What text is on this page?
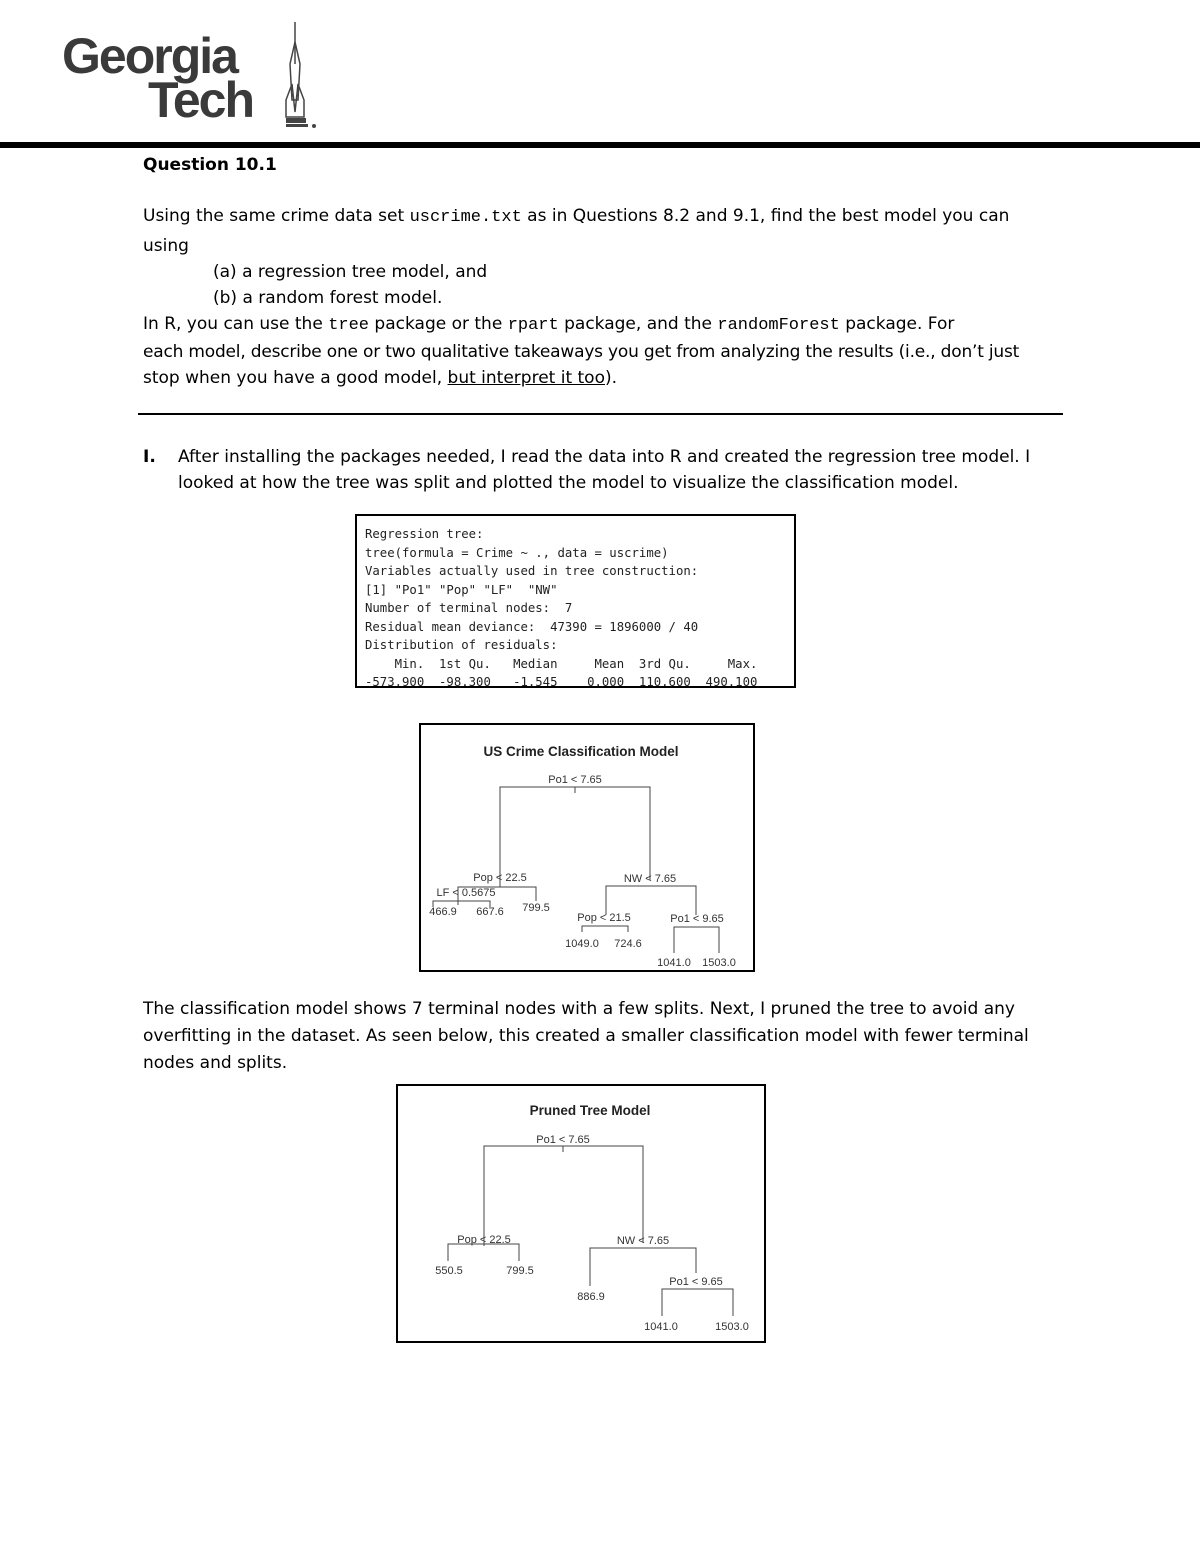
Georgia
Tech
Question 10.1
Using the same crime data set uscrime.txt as in Questions 8.2 and 9.1, find the best model you can
using
(a) a regression tree model, and
(b) a random forest model.
In R, you can use the tree package or the rpart package, and the randomForest package. For
each model, describe one or two qualitative takeaways you get from analyzing the results (i.e., don’t just
stop when you have a good model, but interpret it too).
I. After installing the packages needed, I read the data into R and created the regression tree model. I
looked at how the tree was split and plotted the model to visualize the classification model.
Regression tree:
tree(formula = Crime ~ ., data = uscrime)
Variables actually used in tree construction:
[1] "Po1" "Pop" "LF"  "NW"
Number of terminal nodes:  7
Residual mean deviance:  47390 = 1896000 / 40
Distribution of residuals:
Min.  1st Qu.   Median     Mean  3rd Qu.     Max.
-573.900  -98.300   -1.545    0.000  110.600  490.100
US Crime Classification Model
Po1 < 7.65
Pop < 22.5
LF < 0.5675
NW < 7.65
Pop < 21.5	Po1 < 9.65
466.9 667.6 799.5
1049.0 724.6
1041.0 1503.0
The classification model shows 7 terminal nodes with a few splits. Next, I pruned the tree to avoid any
overfitting in the dataset. As seen below, this created a smaller classification model with fewer terminal
nodes and splits.
Pruned Tree Model
Po1 < 7.65
Pop < 22.5	NW < 7.65
Po1 < 9.65
550.5	799.5
886.9
1041.0	1503.0
